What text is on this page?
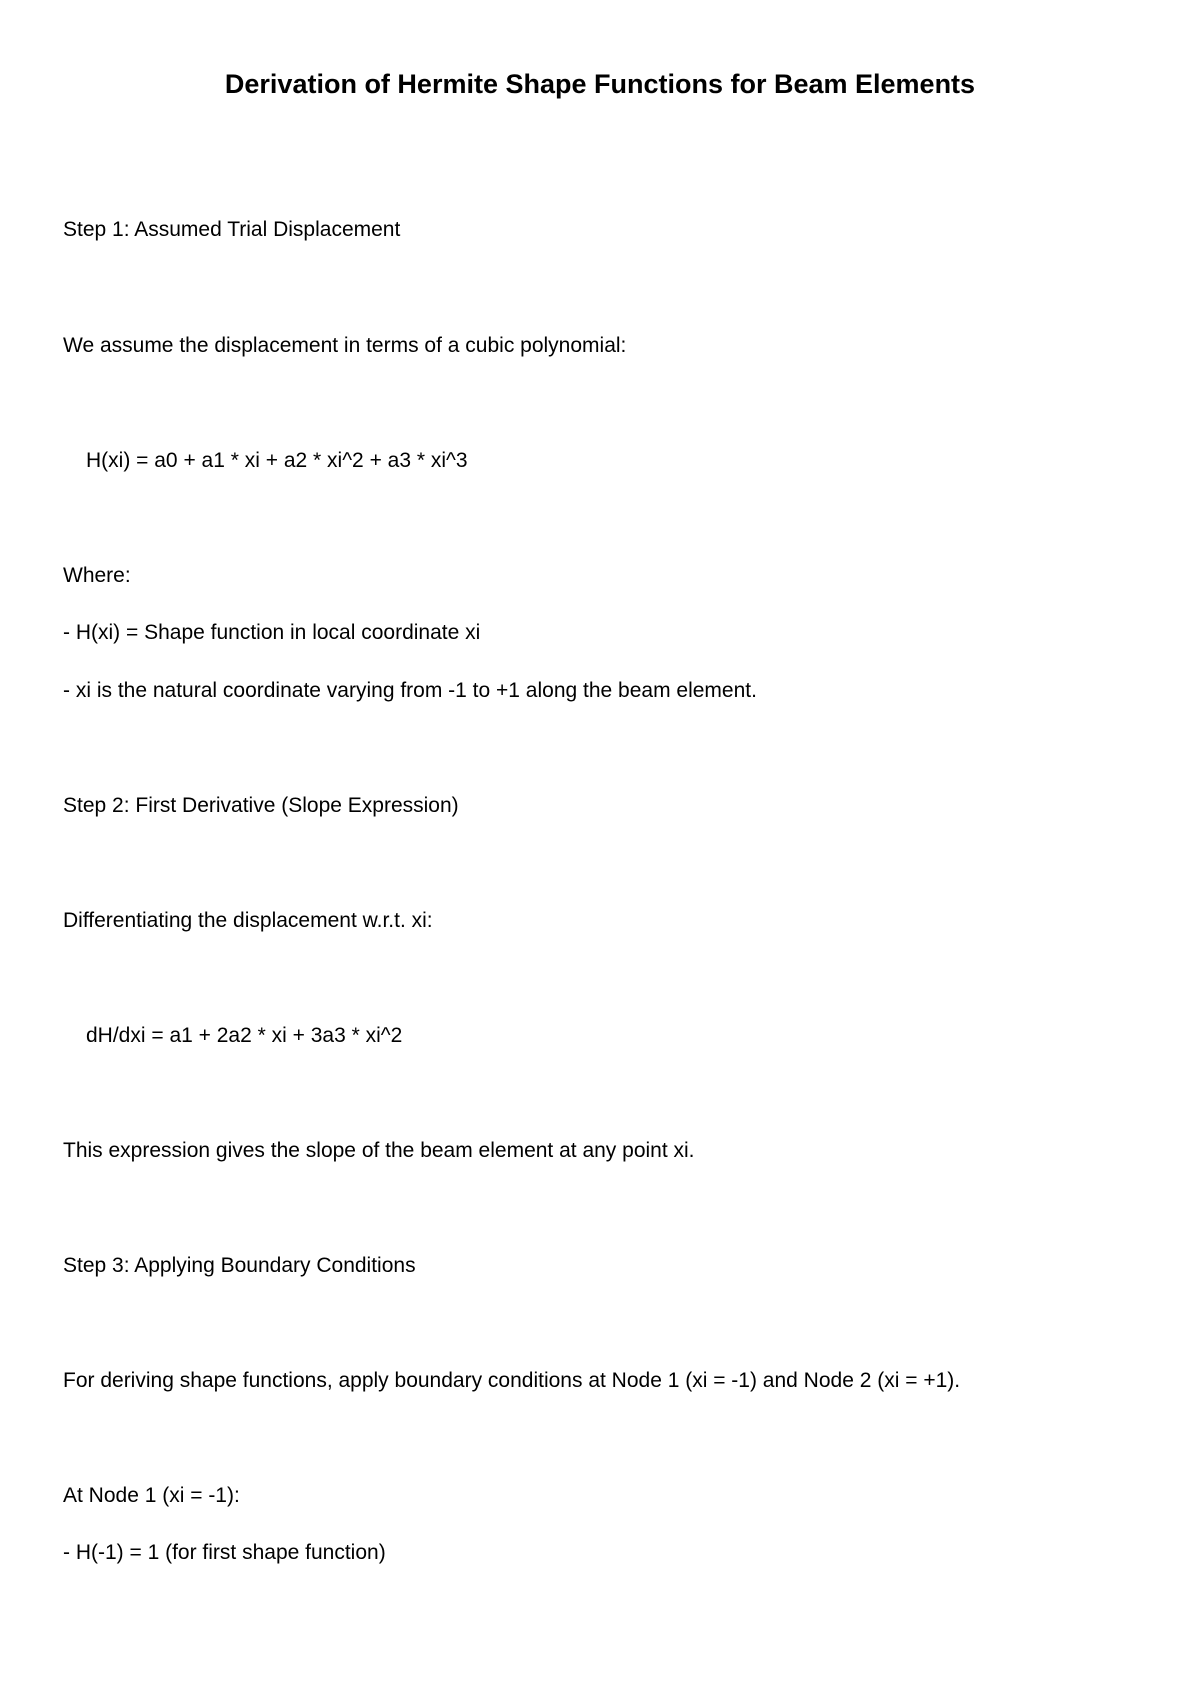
Derivation of Hermite Shape Functions for Beam Elements
Step 1: Assumed Trial Displacement
We assume the displacement in terms of a cubic polynomial:
H(xi) = a0 + a1 * xi + a2 * xi^2 + a3 * xi^3
Where:
- H(xi) = Shape function in local coordinate xi
- xi is the natural coordinate varying from -1 to +1 along the beam element.
Step 2: First Derivative (Slope Expression)
Differentiating the displacement w.r.t. xi:
dH/dxi = a1 + 2a2 * xi + 3a3 * xi^2
This expression gives the slope of the beam element at any point xi.
Step 3: Applying Boundary Conditions
For deriving shape functions, apply boundary conditions at Node 1 (xi = -1) and Node 2 (xi = +1).
At Node 1 (xi = -1):
- H(-1) = 1 (for first shape function)
